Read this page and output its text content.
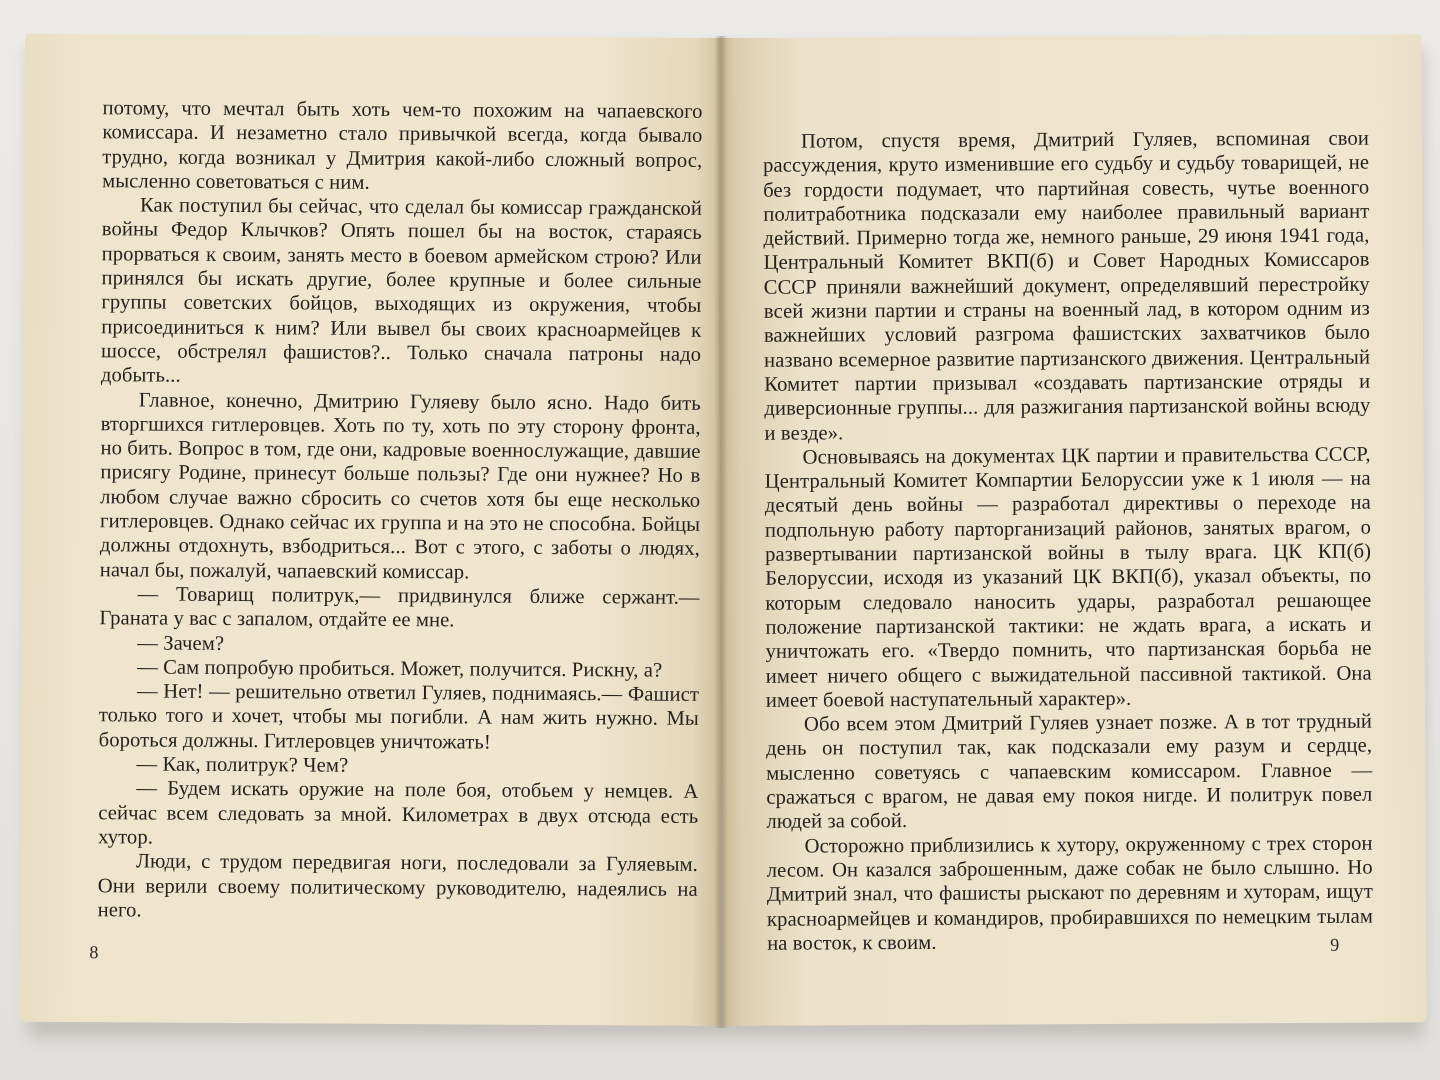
потому, что мечтал быть хоть чем-то похожим на чапаевского комиссара. И незаметно стало привычкой всегда, когда бывало трудно, когда возникал у Дмитрия какой-либо сложный вопрос, мысленно советоваться с ним.

Как поступил бы сейчас, что сделал бы комиссар гражданской войны Федор Клычков? Опять пошел бы на восток, стараясь прорваться к своим, занять место в боевом армейском строю? Или принялся бы искать другие, более крупные и более сильные группы советских бойцов, выходящих из окружения, чтобы присоединиться к ним? Или вывел бы своих красноармейцев к шоссе, обстрелял фашистов?.. Только сначала патроны надо добыть...

Главное, конечно, Дмитрию Гуляеву было ясно. Надо бить вторгшихся гитлеровцев. Хоть по ту, хоть по эту сторону фронта, но бить. Вопрос в том, где они, кадровые военнослужащие, давшие присягу Родине, принесут больше пользы? Где они нужнее? Но в любом случае важно сбросить со счетов хотя бы еще несколько гитлеровцев. Однако сейчас их группа и на это не способна. Бойцы должны отдохнуть, взбодриться... Вот с этого, с заботы о людях, начал бы, пожалуй, чапаевский комиссар.

— Товарищ политрук,— придвинулся ближе сержант.— Граната у вас с запалом, отдайте ее мне.

— Зачем?

— Сам попробую пробиться. Может, получится. Рискну, а?

— Нет! — решительно ответил Гуляев, поднимаясь.— Фашист только того и хочет, чтобы мы погибли. А нам жить нужно. Мы бороться должны. Гитлеровцев уничтожать!

— Как, политрук? Чем?

— Будем искать оружие на поле боя, отобьем у немцев. А сейчас всем следовать за мной. Километрах в двух отсюда есть хутор.

Люди, с трудом передвигая ноги, последовали за Гуляевым. Они верили своему политическому руководителю, надеялись на него.

8

Потом, спустя время, Дмитрий Гуляев, вспоминая свои рассуждения, круто изменившие его судьбу и судьбу товарищей, не без гордости подумает, что партийная совесть, чутье военного политработника подсказали ему наиболее правильный вариант действий. Примерно тогда же, немного раньше, 29 июня 1941 года, Центральный Комитет ВКП(б) и Совет Народных Комиссаров СССР приняли важнейший документ, определявший перестройку всей жизни партии и страны на военный лад, в котором одним из важнейших условий разгрома фашистских захватчиков было названо всемерное развитие партизанского движения. Центральный Комитет партии призывал «создавать партизанские отряды и диверсионные группы... для разжигания партизанской войны всюду и везде».

Основываясь на документах ЦК партии и правительства СССР, Центральный Комитет Компартии Белоруссии уже к 1 июля — на десятый день войны — разработал директивы о переходе на подпольную работу парторганизаций районов, занятых врагом, о развертывании партизанской войны в тылу врага. ЦК КП(б) Белоруссии, исходя из указаний ЦК ВКП(б), указал объекты, по которым следовало наносить удары, разработал решающее положение партизанской тактики: не ждать врага, а искать и уничтожать его. «Твердо помнить, что партизанская борьба не имеет ничего общего с выжидательной пассивной тактикой. Она имеет боевой наступательный характер».

Обо всем этом Дмитрий Гуляев узнает позже. А в тот трудный день он поступил так, как подсказали ему разум и сердце, мысленно советуясь с чапаевским комиссаром. Главное — сражаться с врагом, не давая ему покоя нигде. И политрук повел людей за собой.

Осторожно приблизились к хутору, окруженному с трех сторон лесом. Он казался заброшенным, даже собак не было слышно. Но Дмитрий знал, что фашисты рыскают по деревням и хуторам, ищут красноармейцев и командиров, пробиравшихся по немецким тылам на восток, к своим.	9
